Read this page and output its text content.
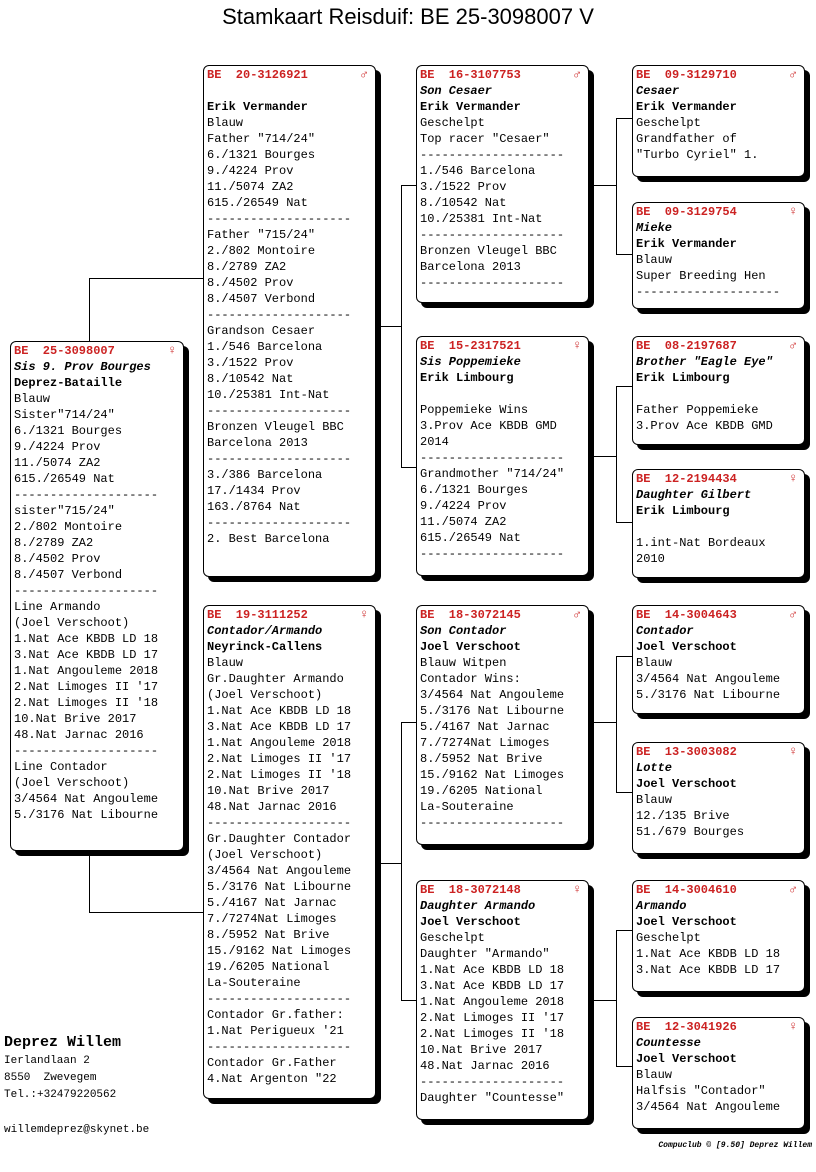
Stamkaart Reisduif: BE 25-3098007 V
BE  25-3098007	♀
Sis 9. Prov Bourges
Deprez-Bataille
Blauw
Sister"714/24"
6./1321 Bourges
9./4224 Prov
11./5074 ZA2
615./26549 Nat
--------------------
sister"715/24"
2./802 Montoire
8./2789 ZA2
8./4502 Prov
8./4507 Verbond
--------------------
Line Armando
(Joel Verschoot)
1.Nat Ace KBDB LD 18
3.Nat Ace KBDB LD 17
1.Nat Angouleme 2018
2.Nat Limoges II '17
2.Nat Limoges II '18
10.Nat Brive 2017
48.Nat Jarnac 2016
--------------------
Line Contador
(Joel Verschoot)
3/4564 Nat Angouleme
5./3176 Nat Libourne
BE  20-3126921	♂
Erik Vermander
Blauw
Father "714/24"
6./1321 Bourges
9./4224 Prov
11./5074 ZA2
615./26549 Nat
--------------------
Father "715/24"
2./802 Montoire
8./2789 ZA2
8./4502 Prov
8./4507 Verbond
--------------------
Grandson Cesaer
1./546 Barcelona
3./1522 Prov
8./10542 Nat
10./25381 Int-Nat
--------------------
Bronzen Vleugel BBC
Barcelona 2013
--------------------
3./386 Barcelona
17./1434 Prov
163./8764 Nat
--------------------
2. Best Barcelona
BE  19-3111252	♀
Contador/Armando
Neyrinck-Callens
Blauw
Gr.Daughter Armando
(Joel Verschoot)
1.Nat Ace KBDB LD 18
3.Nat Ace KBDB LD 17
1.Nat Angouleme 2018
2.Nat Limoges II '17
2.Nat Limoges II '18
10.Nat Brive 2017
48.Nat Jarnac 2016
--------------------
Gr.Daughter Contador
(Joel Verschoot)
3/4564 Nat Angouleme
5./3176 Nat Libourne
5./4167 Nat Jarnac
7./7274Nat Limoges
8./5952 Nat Brive
15./9162 Nat Limoges
19./6205 National
La-Souteraine
--------------------
Contador Gr.father:
1.Nat Perigueux '21
--------------------
Contador Gr.Father
4.Nat Argenton "22
BE  16-3107753	♂
Son Cesaer
Erik Vermander
Geschelpt
Top racer "Cesaer"
--------------------
1./546 Barcelona
3./1522 Prov
8./10542 Nat
10./25381 Int-Nat
--------------------
Bronzen Vleugel BBC
Barcelona 2013
--------------------
BE  15-2317521	♀
Sis Poppemieke
Erik Limbourg
Poppemieke Wins
3.Prov Ace KBDB GMD
2014
--------------------
Grandmother "714/24"
6./1321 Bourges
9./4224 Prov
11./5074 ZA2
615./26549 Nat
--------------------
BE  18-3072145	♂
Son Contador
Joel Verschoot
Blauw Witpen
Contador Wins:
3/4564 Nat Angouleme
5./3176 Nat Libourne
5./4167 Nat Jarnac
7./7274Nat Limoges
8./5952 Nat Brive
15./9162 Nat Limoges
19./6205 National
La-Souteraine
--------------------
BE  18-3072148	♀
Daughter Armando
Joel Verschoot
Geschelpt
Daughter "Armando"
1.Nat Ace KBDB LD 18
3.Nat Ace KBDB LD 17
1.Nat Angouleme 2018
2.Nat Limoges II '17
2.Nat Limoges II '18
10.Nat Brive 2017
48.Nat Jarnac 2016
--------------------
Daughter "Countesse"
BE  09-3129710	♂
Cesaer
Erik Vermander
Geschelpt
Grandfather of
"Turbo Cyriel" 1.
BE  09-3129754	♀
Mieke
Erik Vermander
Blauw
Super Breeding Hen
--------------------
BE  08-2197687	♂
Brother "Eagle Eye"
Erik Limbourg
Father Poppemieke
3.Prov Ace KBDB GMD
BE  12-2194434	♀
Daughter Gilbert
Erik Limbourg
1.int-Nat Bordeaux
2010
BE  14-3004643	♂
Contador
Joel Verschoot
Blauw
3/4564 Nat Angouleme
5./3176 Nat Libourne
BE  13-3003082	♀
Lotte
Joel Verschoot
Blauw
12./135 Brive
51./679 Bourges
BE  14-3004610	♂
Armando
Joel Verschoot
Geschelpt
1.Nat Ace KBDB LD 18
3.Nat Ace KBDB LD 17
BE  12-3041926	♀
Countesse
Joel Verschoot
Blauw
Halfsis "Contador"
3/4564 Nat Angouleme
Deprez Willem
Ierlandlaan 2
8550  Zwevegem
Tel.:+32479220562
willemdeprez@skynet.be
Compuclub © [9.50] Deprez Willem
